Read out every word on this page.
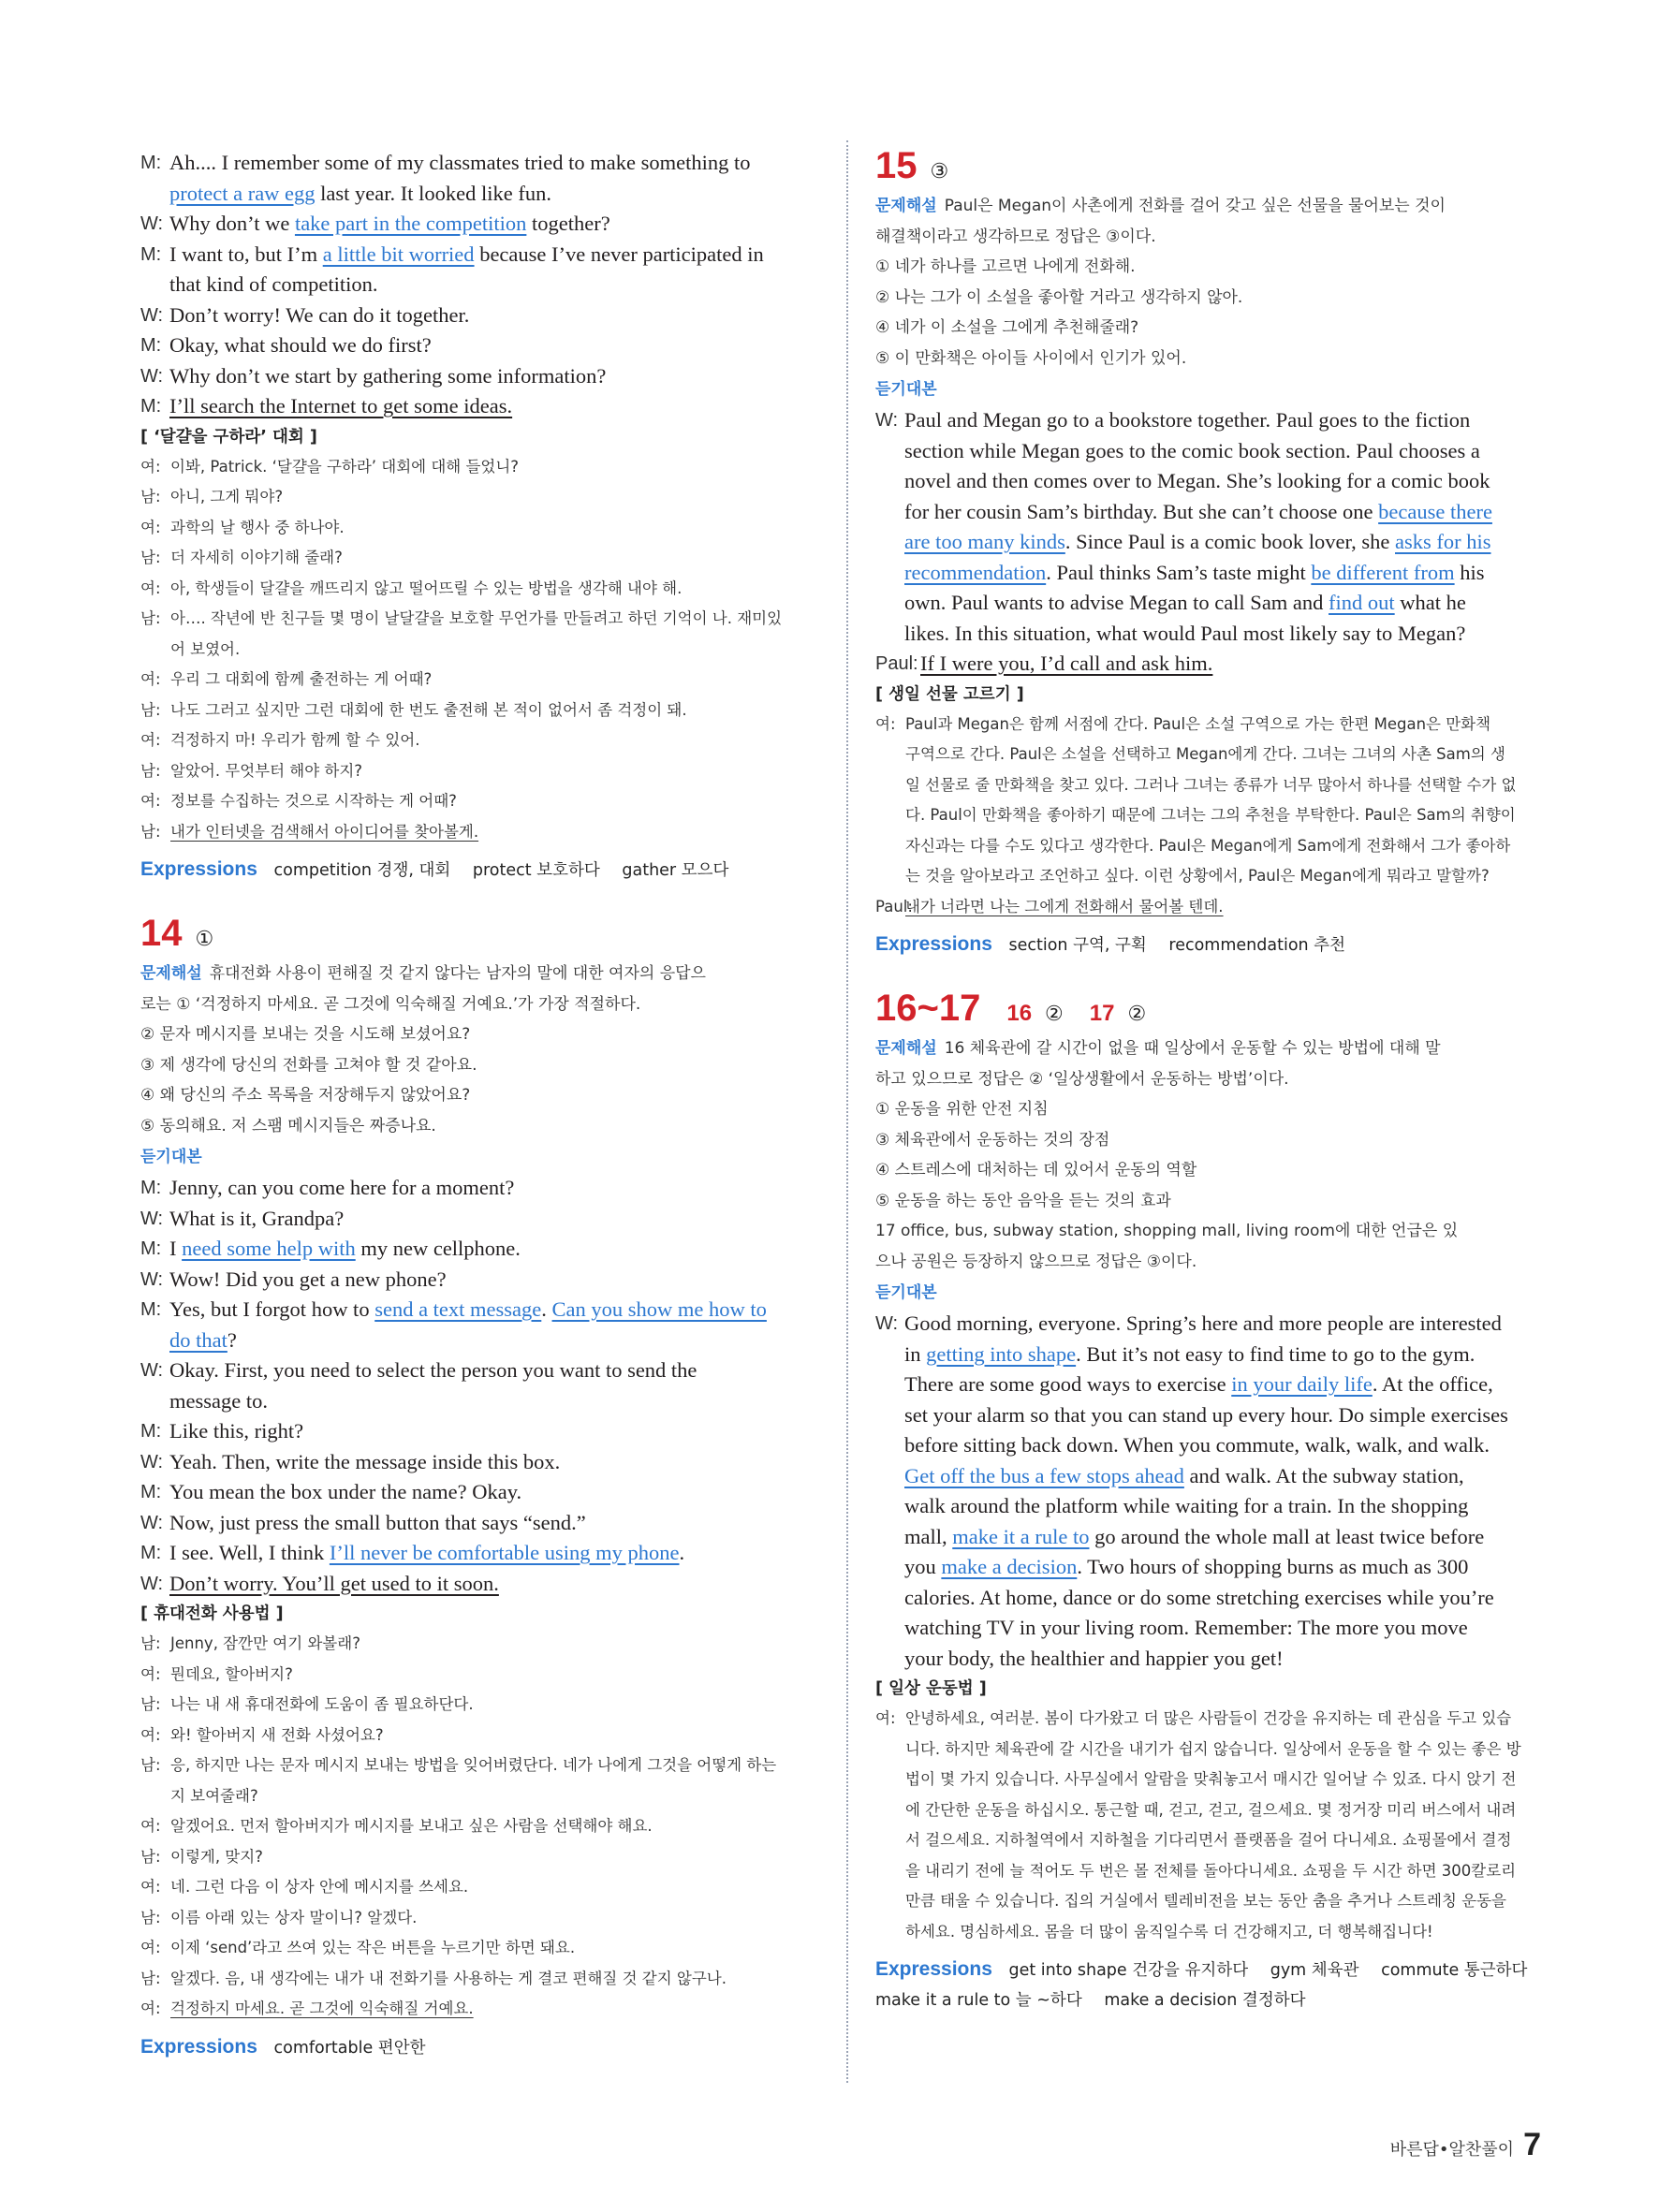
M: Ah.... I remember some of my classmates tried to make something to
protect a raw egg last year. It looked like fun.
W: Why don’t we take part in the competition together?
M: I want to, but I’m a little bit worried because I’ve never participated in
that kind of competition.
W: Don’t worry! We can do it together.
M: Okay, what should we do first?
W: Why don’t we start by gathering some information?
M: I’ll search the Internet to get some ideas.
[ ‘달걀을 구하라’ 대회 ]
여: 이봐, Patrick. ‘달걀을 구하라’ 대회에 대해 들었니?
남: 아니, 그게 뭐야?
여: 과학의 날 행사 중 하나야.
남: 더 자세히 이야기해 줄래?
여: 아, 학생들이 달걀을 깨뜨리지 않고 떨어뜨릴 수 있는 방법을 생각해 내야 해.
남: 아…. 작년에 반 친구들 몇 명이 날달걀을 보호할 무언가를 만들려고 하던 기억이 나. 재미있
어 보였어.
여: 우리 그 대회에 함께 출전하는 게 어때?
남: 나도 그러고 싶지만 그런 대회에 한 번도 출전해 본 적이 없어서 좀 걱정이 돼.
여: 걱정하지 마! 우리가 함께 할 수 있어.
남: 알았어. 무엇부터 해야 하지?
여: 정보를 수집하는 것으로 시작하는 게 어때?
남: 내가 인터넷을 검색해서 아이디어를 찾아볼게.
Expressions competition 경쟁, 대회 protect 보호하다 gather 모으다
14 ①
문제해설 휴대전화 사용이 편해질 것 같지 않다는 남자의 말에 대한 여자의 응답으
로는 ① ‘걱정하지 마세요. 곧 그것에 익숙해질 거예요.’가 가장 적절하다.
② 문자 메시지를 보내는 것을 시도해 보셨어요?
③ 제 생각에 당신의 전화를 고쳐야 할 것 같아요.
④ 왜 당신의 주소 목록을 저장해두지 않았어요?
⑤ 동의해요. 저 스팸 메시지들은 짜증나요.
듣기대본
M: Jenny, can you come here for a moment?
W: What is it, Grandpa?
M: I need some help with my new cellphone.
W: Wow! Did you get a new phone?
M: Yes, but I forgot how to send a text message. Can you show me how to
do that?
W: Okay. First, you need to select the person you want to send the
message to.
M: Like this, right?
W: Yeah. Then, write the message inside this box.
M: You mean the box under the name? Okay.
W: Now, just press the small button that says “send.”
M: I see. Well, I think I’ll never be comfortable using my phone.
W: Don’t worry. You’ll get used to it soon.
[ 휴대전화 사용법 ]
남: Jenny, 잠깐만 여기 와볼래?
여: 뭔데요, 할아버지?
남: 나는 내 새 휴대전화에 도움이 좀 필요하단다.
여: 와! 할아버지 새 전화 사셨어요?
남: 응, 하지만 나는 문자 메시지 보내는 방법을 잊어버렸단다. 네가 나에게 그것을 어떻게 하는
지 보여줄래?
여: 알겠어요. 먼저 할아버지가 메시지를 보내고 싶은 사람을 선택해야 해요.
남: 이렇게, 맞지?
여: 네. 그런 다음 이 상자 안에 메시지를 쓰세요.
남: 이름 아래 있는 상자 말이니? 알겠다.
여: 이제 ‘send’라고 쓰여 있는 작은 버튼을 누르기만 하면 돼요.
남: 알겠다. 음, 내 생각에는 내가 내 전화기를 사용하는 게 결코 편해질 것 같지 않구나.
여: 걱정하지 마세요. 곧 그것에 익숙해질 거예요.
Expressions comfortable 편안한
15 ③
문제해설 Paul은 Megan이 사촌에게 전화를 걸어 갖고 싶은 선물을 물어보는 것이
해결책이라고 생각하므로 정답은 ③이다.
① 네가 하나를 고르면 나에게 전화해.
② 나는 그가 이 소설을 좋아할 거라고 생각하지 않아.
④ 네가 이 소설을 그에게 추천해줄래?
⑤ 이 만화책은 아이들 사이에서 인기가 있어.
듣기대본
W: Paul and Megan go to a bookstore together. Paul goes to the fiction
section while Megan goes to the comic book section. Paul chooses a
novel and then comes over to Megan. She’s looking for a comic book
for her cousin Sam’s birthday. But she can’t choose one because there
are too many kinds. Since Paul is a comic book lover, she asks for his
recommendation. Paul thinks Sam’s taste might be different from his
own. Paul wants to advise Megan to call Sam and find out what he
likes. In this situation, what would Paul most likely say to Megan?
Paul: If I were you, I’d call and ask him.
[ 생일 선물 고르기 ]
여: Paul과 Megan은 함께 서점에 간다. Paul은 소설 구역으로 가는 한편 Megan은 만화책
구역으로 간다. Paul은 소설을 선택하고 Megan에게 간다. 그녀는 그녀의 사촌 Sam의 생
일 선물로 줄 만화책을 찾고 있다. 그러나 그녀는 종류가 너무 많아서 하나를 선택할 수가 없
다. Paul이 만화책을 좋아하기 때문에 그녀는 그의 추천을 부탁한다. Paul은 Sam의 취향이
자신과는 다를 수도 있다고 생각한다. Paul은 Megan에게 Sam에게 전화해서 그가 좋아하
는 것을 알아보라고 조언하고 싶다. 이런 상황에서, Paul은 Megan에게 뭐라고 말할까?
Paul:
내가 너라면 나는 그에게 전화해서 물어볼 텐데.
Expressions section 구역, 구획 recommendation 추천
16~17 16 ② 17 ②
문제해설 16 체육관에 갈 시간이 없을 때 일상에서 운동할 수 있는 방법에 대해 말
하고 있으므로 정답은 ② ‘일상생활에서 운동하는 방법’이다.
① 운동을 위한 안전 지침
③ 체육관에서 운동하는 것의 장점
④ 스트레스에 대처하는 데 있어서 운동의 역할
⑤ 운동을 하는 동안 음악을 듣는 것의 효과
17 office, bus, subway station, shopping mall, living room에 대한 언급은 있
으나 공원은 등장하지 않으므로 정답은 ③이다.
듣기대본
W: Good morning, everyone. Spring’s here and more people are interested
in getting into shape. But it’s not easy to find time to go to the gym.
There are some good ways to exercise in your daily life. At the office,
set your alarm so that you can stand up every hour. Do simple exercises
before sitting back down. When you commute, walk, walk, and walk.
Get off the bus a few stops ahead and walk. At the subway station,
walk around the platform while waiting for a train. In the shopping
mall, make it a rule to go around the whole mall at least twice before
you make a decision. Two hours of shopping burns as much as 300
calories. At home, dance or do some stretching exercises while you’re
watching TV in your living room. Remember: The more you move
your body, the healthier and happier you get!
[ 일상 운동법 ]
여: 안녕하세요, 여러분. 봄이 다가왔고 더 많은 사람들이 건강을 유지하는 데 관심을 두고 있습
니다. 하지만 체육관에 갈 시간을 내기가 쉽지 않습니다. 일상에서 운동을 할 수 있는 좋은 방
법이 몇 가지 있습니다. 사무실에서 알람을 맞춰놓고서 매시간 일어날 수 있죠. 다시 앉기 전
에 간단한 운동을 하십시오. 통근할 때, 걷고, 걷고, 걸으세요. 몇 정거장 미리 버스에서 내려
서 걸으세요. 지하철역에서 지하철을 기다리면서 플랫폼을 걸어 다니세요. 쇼핑몰에서 결정
을 내리기 전에 늘 적어도 두 번은 몰 전체를 돌아다니세요. 쇼핑을 두 시간 하면 300칼로리
만큼 태울 수 있습니다. 집의 거실에서 텔레비전을 보는 동안 춤을 추거나 스트레칭 운동을
하세요. 명심하세요. 몸을 더 많이 움직일수록 더 건강해지고, 더 행복해집니다!
Expressions get into shape 건강을 유지하다 gym 체육관 commute 통근하다
make it a rule to 늘 ~하다 make a decision 결정하다
바른답•알찬풀이 7
